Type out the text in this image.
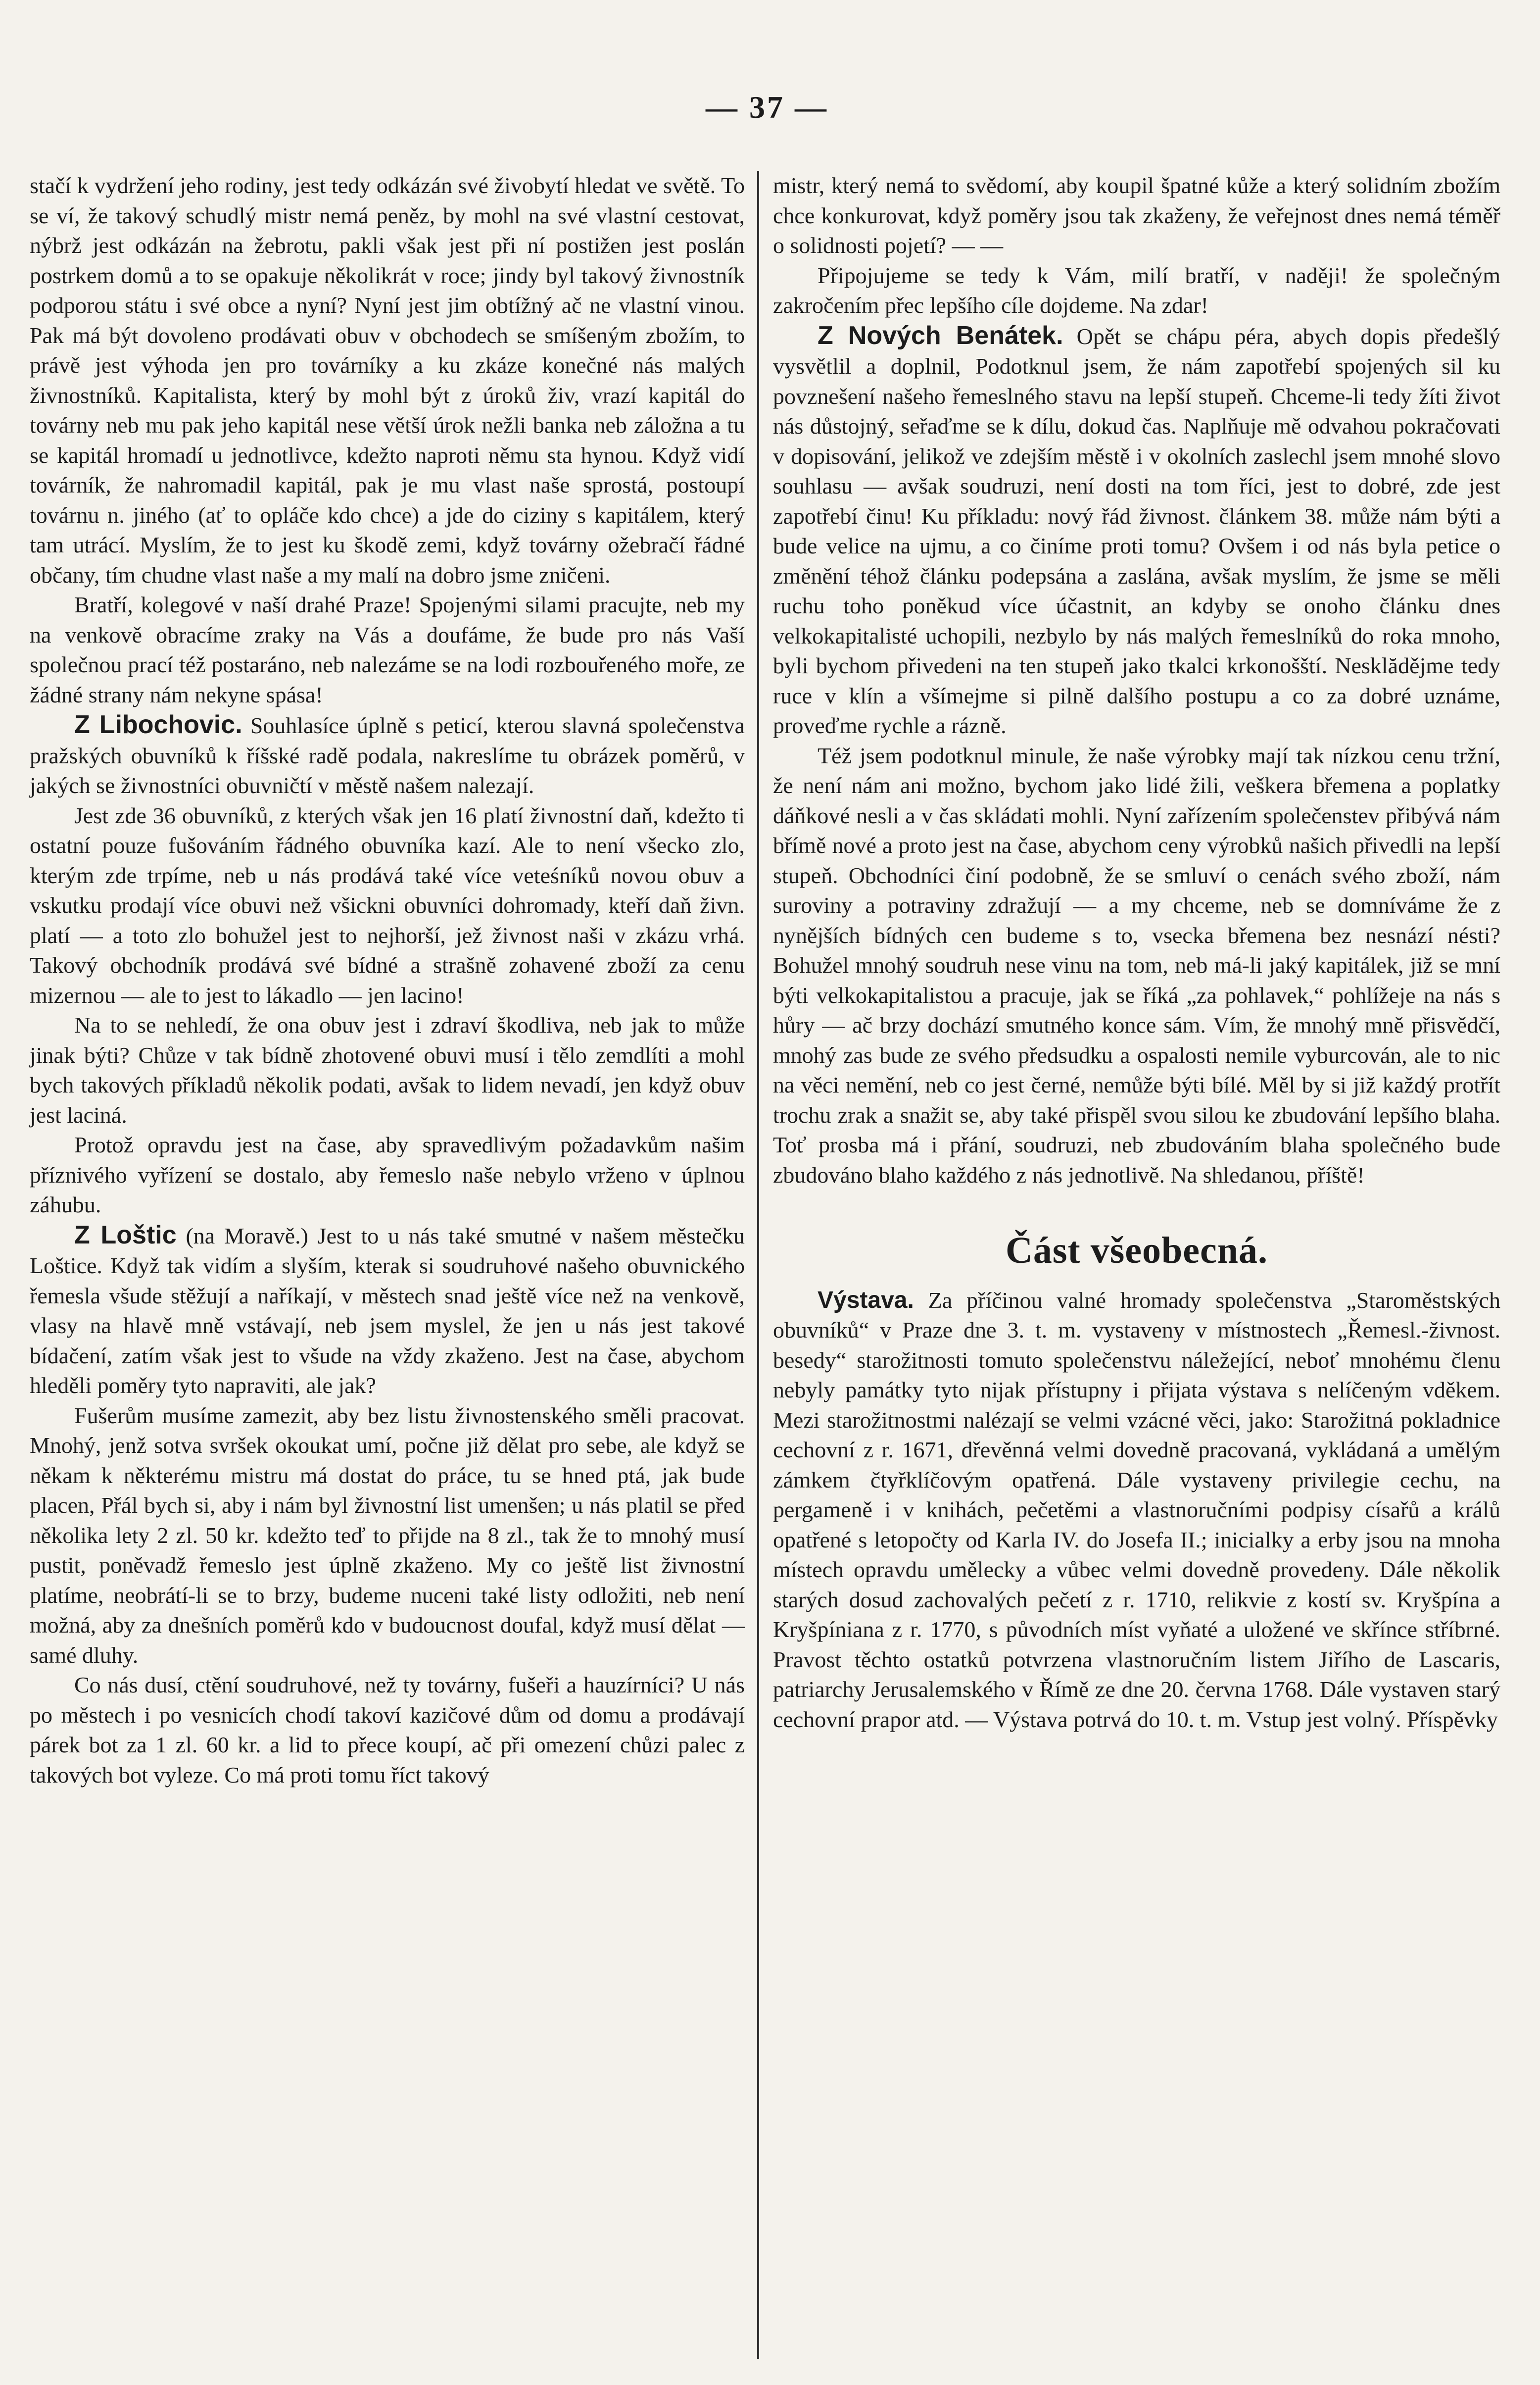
— 37 —

stačí k vydržení jeho rodiny, jest tedy odkázán své živobytí hledat ve světě. To se ví, že takový schudlý mistr nemá peněz, by mohl na své vlastní cestovat, nýbrž jest odkázán na žebrotu, pakli však jest při ní postižen jest poslán postrkem domů a to se opakuje několikrát v roce; jindy byl takový živnostník podporou státu i své obce a nyní? Nyní jest jim obtížný ač ne vlastní vinou. Pak má být dovoleno prodávati obuv v obchodech se smíšeným zbožím, to právě jest výhoda jen pro továrníky a ku zkáze konečné nás malých živnostníků. Kapitalista, který by mohl být z úroků živ, vrazí kapitál do továrny neb mu pak jeho kapitál nese větší úrok nežli banka neb záložna a tu se kapitál hromadí u jednotlivce, kdežto naproti němu sta hynou. Když vidí továrník, že nahromadil kapitál, pak je mu vlast naše sprostá, postoupí továrnu n. jiného (ať to opláče kdo chce) a jde do ciziny s kapitálem, který tam utrácí. Myslím, že to jest ku škodě zemi, když továrny ožebračí řádné občany, tím chudne vlast naše a my malí na dobro jsme zničeni.

Bratří, kolegové v naší drahé Praze! Spojenými silami pracujte, neb my na venkově obracíme zraky na Vás a doufáme, že bude pro nás Vaší společnou prací též postaráno, neb nalezáme se na lodi rozbouřeného moře, ze žádné strany nám nekyne spása!

Z Libochovic. Souhlasíce úplně s peticí, kterou slavná společenstva pražských obuvníků k říšské radě podala, nakreslíme tu obrázek poměrů, v jakých se živnostníci obuvničtí v městě našem nalezají.

Jest zde 36 obuvníků, z kterých však jen 16 platí živnostní daň, kdežto ti ostatní pouze fušováním řádného obuvníka kazí. Ale to není všecko zlo, kterým zde trpíme, neb u nás prodává také více veteśníků novou obuv a vskutku prodají více obuvi než všickni obuvníci dohromady, kteří daň živn. platí — a toto zlo bohužel jest to nejhorší, jež živnost naši v zkázu vrhá. Takový obchodník prodává své bídné a strašně zohavené zboží za cenu mizernou — ale to jest to lákadlo — jen lacino!

Na to se nehledí, že ona obuv jest i zdraví škodliva, neb jak to může jinak býti? Chůze v tak bídně zhotovené obuvi musí i tělo zemdlíti a mohl bych takových příkladů několik podati, avšak to lidem nevadí, jen když obuv jest laciná.

Protož opravdu jest na čase, aby spravedlivým požadavkům našim příznivého vyřízení se dostalo, aby řemeslo naše nebylo vrženo v úplnou záhubu.

Z Loštic (na Moravě.) Jest to u nás také smutné v našem městečku Loštice. Když tak vidím a slyším, kterak si soudruhové našeho obuvnického řemesla všude stěžují a naříkají, v městech snad ještě více než na venkově, vlasy na hlavě mně vstávají, neb jsem myslel, že jen u nás jest takové bídačení, zatím však jest to všude na vždy zkaženo. Jest na čase, abychom hleděli poměry tyto napraviti, ale jak?

Fušerům musíme zamezit, aby bez listu živnostenského směli pracovat. Mnohý, jenž sotva svršek okoukat umí, počne již dělat pro sebe, ale když se někam k některému mistru má dostat do práce, tu se hned ptá, jak bude placen, Přál bych si, aby i nám byl živnostní list umenšen; u nás platil se před několika lety 2 zl. 50 kr. kdežto teď to přijde na 8 zl., tak že to mnohý musí pustit, poněvadž řemeslo jest úplně zkaženo. My co ještě list živnostní platíme, neobrátí-li se to brzy, budeme nuceni také listy odložiti, neb není možná, aby za dnešních poměrů kdo v budoucnost doufal, když musí dělat — samé dluhy.

Co nás dusí, ctění soudruhové, než ty továrny, fušeři a hauzírníci? U nás po městech i po vesnicích chodí takoví kazičové dům od domu a prodávají párek bot za 1 zl. 60 kr. a lid to přece koupí, ač při omezení chůzi palec z takových bot vyleze. Co má proti tomu říct takový

mistr, který nemá to svědomí, aby koupil špatné kůže a který solidním zbožím chce konkurovat, když poměry jsou tak zkaženy, že veřejnost dnes nemá téměř o solidnosti pojetí? — —

Připojujeme se tedy k Vám, milí bratří, v naději! že společným zakročením přec lepšího cíle dojdeme. Na zdar!

Z Nových Benátek. Opět se chápu péra, abych dopis předešlý vysvětlil a doplnil, Podotknul jsem, že nám zapotřebí spojených sil ku povznešení našeho řemeslného stavu na lepší stupeň. Chceme-li tedy žíti život nás důstojný, seřaďme se k dílu, dokud čas. Naplňuje mě odvahou pokračovati v dopisování, jelikož ve zdejším městě i v okolních zaslechl jsem mnohé slovo souhlasu — avšak soudruzi, není dosti na tom říci, jest to dobré, zde jest zapotřebí činu! Ku příkladu: nový řád živnost. článkem 38. může nám býti a bude velice na ujmu, a co činíme proti tomu? Ovšem i od nás byla petice o změnění téhož článku podepsána a zaslána, avšak myslím, že jsme se měli ruchu toho poněkud více účastnit, an kdyby se onoho článku dnes velkokapitalisté uchopili, nezbylo by nás malých řemeslníků do roka mnoho, byli bychom přivedeni na ten stupeň jako tkalci krkonošští. Nesklădějme tedy ruce v klín a všímejme si pilně dalšího postupu a co za dobré uznáme, proveďme rychle a rázně.

Též jsem podotknul minule, že naše výrobky mají tak nízkou cenu tržní, že není nám ani možno, bychom jako lidé žili, veškera břemena a poplatky dáňkové nesli a v čas skládati mohli. Nyní zařízením společenstev přibývá nám břímě nové a proto jest na čase, abychom ceny výrobků našich přivedli na lepší stupeň. Obchodníci činí podobně, že se smluví o cenách svého zboží, nám suroviny a potraviny zdražují — a my chceme, neb se domníváme že z nynějších bídných cen budeme s to, vsecka břemena bez nesnází nésti? Bohužel mnohý soudruh nese vinu na tom, neb má-li jaký kapitálek, již se mní býti velkokapitalistou a pracuje, jak se říká „za pohlavek,“ pohlížeje na nás s hůry — ač brzy dochází smutného konce sám. Vím, že mnohý mně přisvědčí, mnohý zas bude ze svého předsudku a ospalosti nemile vyburcován, ale to nic na věci nemění, neb co jest černé, nemůže býti bílé. Měl by si již každý protřít trochu zrak a snažit se, aby také přispěl svou silou ke zbudování lepšího blaha. Toť prosba má i přání, soudruzi, neb zbudováním blaha společného bude zbudováno blaho každého z nás jednotlivě. Na shledanou, příště!

Část všeobecná.

Výstava. Za příčinou valné hromady společenstva „Staroměstských obuvníků“ v Praze dne 3. t. m. vystaveny v místnostech „Řemesl.-živnost. besedy“ starožitnosti tomuto společenstvu náležející, neboť mnohému členu nebyly památky tyto nijak přístupny i přijata výstava s nelíčeným vděkem. Mezi starožitnostmi nalézají se velmi vzácné věci, jako: Starožitná pokladnice cechovní z r. 1671, dřevěnná velmi dovedně pracovaná, vykládaná a umělým zámkem čtyřklíčovým opatřená. Dále vystaveny privilegie cechu, na pergameně i v knihách, pečetěmi a vlastnoručními podpisy císařů a králů opatřené s letopočty od Karla IV. do Josefa II.; inicialky a erby jsou na mnoha místech opravdu umělecky a vůbec velmi dovedně provedeny. Dále několik starých dosud zachovalých pečetí z r. 1710, relikvie z kostí sv. Kryšpína a Kryšpíniana z r. 1770, s původních míst vyňaté a uložené ve skřínce stříbrné. Pravost těchto ostatků potvrzena vlastnoručním listem Jiřího de Lascaris, patriarchy Jerusalemského v Římě ze dne 20. června 1768. Dále vystaven starý cechovní prapor atd. — Výstava potrvá do 10. t. m. Vstup jest volný. Příspěvky
